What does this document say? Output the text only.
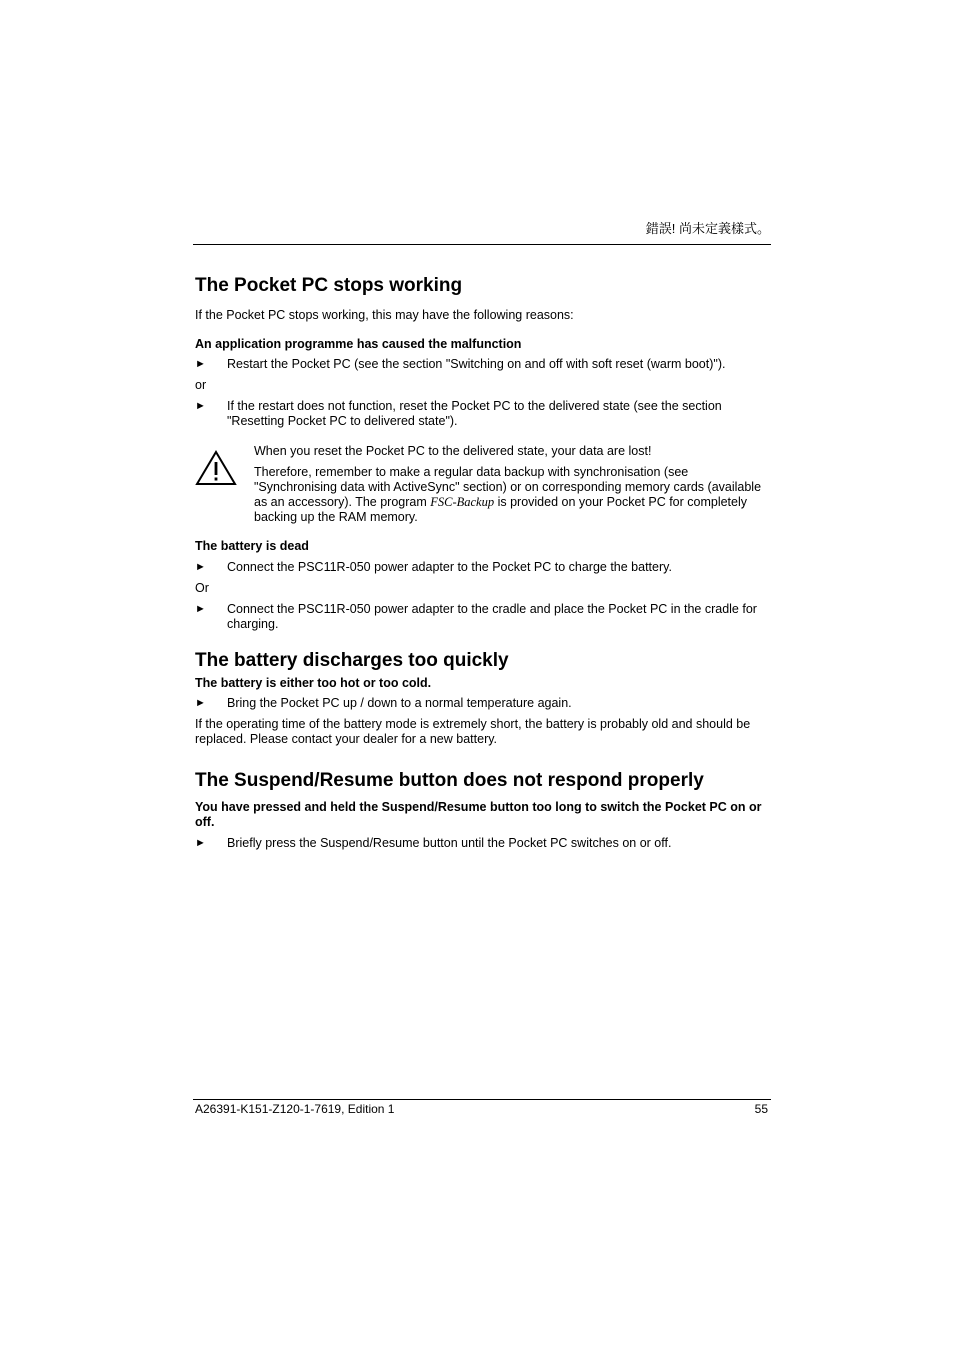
錯誤! 尚未定義樣式。
The Pocket PC stops working

If the Pocket PC stops working, this may have the following reasons:

An application programme has caused the malfunction

► Restart the Pocket PC (see the section "Switching on and off with soft reset (warm boot)").

or

► If the restart does not function, reset the Pocket PC to the delivered state (see the section "Resetting Pocket PC to delivered state").

When you reset the Pocket PC to the delivered state, your data are lost!

Therefore, remember to make a regular data backup with synchronisation (see "Synchronising data with ActiveSync" section) or on corresponding memory cards (available as an accessory). The program FSC-Backup is provided on your Pocket PC for completely backing up the RAM memory.

The battery is dead

► Connect the PSC11R-050 power adapter to the Pocket PC to charge the battery.

Or

► Connect the PSC11R-050 power adapter to the cradle and place the Pocket PC in the cradle for charging.
The battery discharges too quickly

The battery is either too hot or too cold.

► Bring the Pocket PC up / down to a normal temperature again.

If the operating time of the battery mode is extremely short, the battery is probably old and should be replaced. Please contact your dealer for a new battery.

The Suspend/Resume button does not respond properly

You have pressed and held the Suspend/Resume button too long to switch the Pocket PC on or off.

► Briefly press the Suspend/Resume button until the Pocket PC switches on or off.
A26391-K151-Z120-1-7619, Edition 1	55
